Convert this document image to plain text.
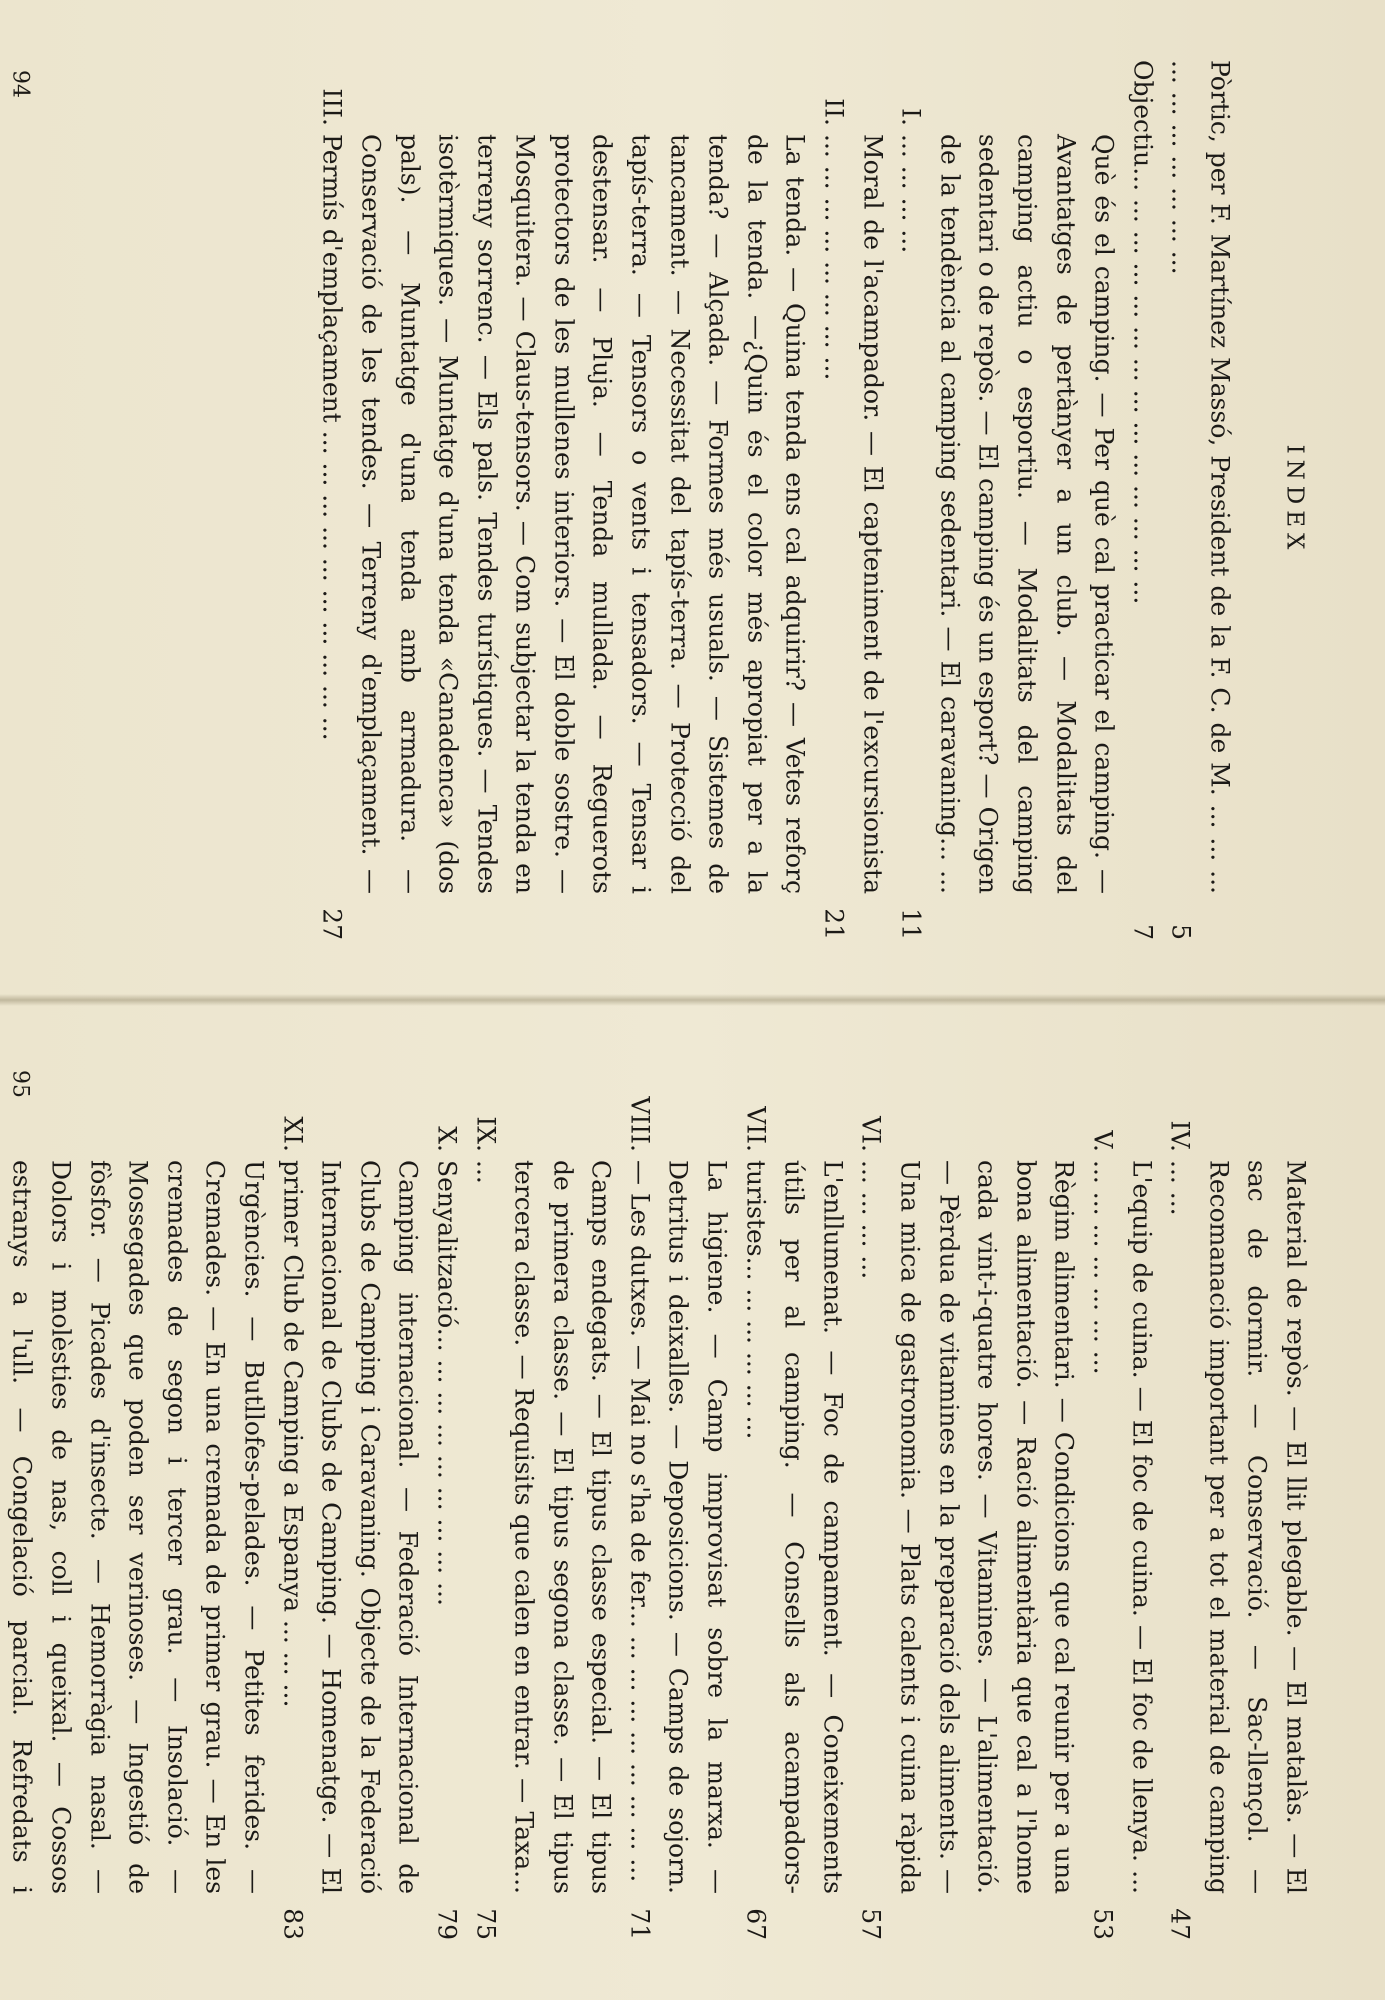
INDEX
Pòrtic, per F. Martínez Massó, President de la F. C. de M. ... ... ... ... ... ... ... ... ... ...
5
Objectiu... ... ... ... ... ... ... ... ... ... ... ... ... ...
7
I.
Què és el camping. — Per què cal practicar el camping. — Avantatges de pertànyer a un club. — Modalitats del camping actiu o esportiu. — Modalitats del camping sedentari o de repòs. — El camping és un esport? — Origen de la tendència al camping sedentari. — El caravaning... ... ... ... ... ...
11
II.
Moral de l'acampador. — El capteniment de l'excursionista ... ... ... ... ... ... ... ...
21
III.
La tenda. — Quina tenda ens cal adquirir? — Vetes reforç de la tenda. —¿Quin és el color més apropiat per a la tenda? — Alçada. — Formes més usuals. — Sistemes de tancament. — Necessitat del tapís-terra. — Protecció del tapís-terra. — Tensors o vents i tensadors. — Tensar i destensar. — Pluja. — Tenda mullada. — Reguerots protectors de les mullenes interiors. — El doble sostre. — Mosquitera. — Claus-tensors. — Com subjectar la tenda en terreny sorrenc. — Els pals. Tendes turístiques. — Tendes isotèrmiques. — Muntatge d'una tenda «Canadenca» (dos pals). — Muntatge d'una tenda amb armadura. — Conservació de les tendes. — Terreny d'emplaçament. — Permís d'emplaçament ... ... ... ... ... ... ... ... ... ...
27
94
IV.
Material de repòs. — El llit plegable. — El matalàs. — El sac de dormir. — Conservació. — Sac-llençol. — Recomanació important per a tot el material de camping ... ...
47
V.
L'equip de cuina. — El foc de cuina. — El foc de llenya. ... ... ... ... ... ... ... ...
53
VI.
Règim alimentari. — Condicions que cal reunir per a una bona alimentació. — Ració alimentària que cal a l'home cada vint-i-quatre hores. — Vitamines. — L'alimentació. — Pèrdua de vitamines en la preparació dels aliments. — Una mica de gastronomia. — Plats calents i cuina ràpida ... ... ... ...
57
VII.
L'enllumenat. — Foc de campament. — Coneixements útils per al camping. — Consells als acampadors-turistes... ... ... ... ... ...
67
VIII.
La higiene. — Camp improvisat sobre la marxa. — Detritus i deixalles. — Deposicions. — Camps de sojorn. — Les dutxes. — Mai no s'ha de fer... ... ... ... ... ... ... ... ...
71
IX.
Camps endegats. — El tipus classe especial. — El tipus de primera classe. — El tipus segona classe. — El tipus tercera classe. — Requisits que calen en entrar. — Taxa... ...
75
X.
Senyalització... ... ... ... ... ... ... ... ...
79
XI.
Camping internacional. — Federació Internacional de Clubs de Camping i Caravaning. Objecte de la Federació Internacional de Clubs de Camping. — Homenatge. — El primer Club de Camping a Espanya ... ... ...
83
Urgències. — Butllofes-pelades. — Petites ferides. — Cremades. — En una cremada de primer grau. — En les cremades de segon i tercer grau. — Insolació. —Mossegades que poden ser verinoses. — Ingestió de fòsfor. — Picades d'insecte. — Hemorràgia nasal. — Dolors i molèsties de nas, coll i queixal. — Cossos estranys a l'ull. — Congelació parcial. Refredats i
95
